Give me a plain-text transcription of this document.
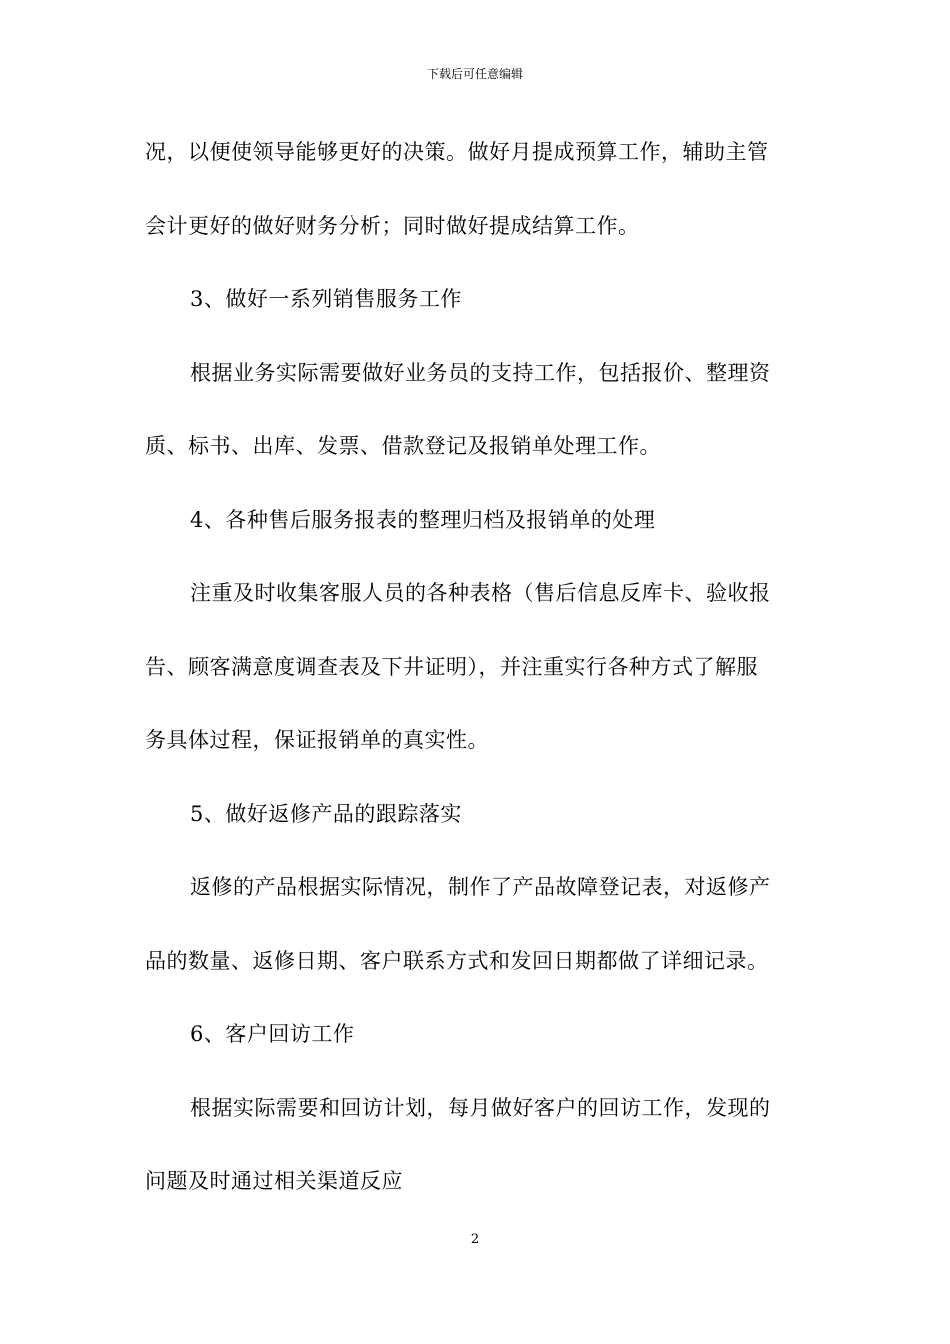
下载后可任意编辑
况，以便使领导能够更好的决策。做好月提成预算工作，辅助主管
会计更好的做好财务分析；同时做好提成结算工作。
3、做好一系列销售服务工作
根据业务实际需要做好业务员的支持工作，包括报价、整理资
质、标书、出库、发票、借款登记及报销单处理工作。
4、各种售后服务报表的整理归档及报销单的处理
注重及时收集客服人员的各种表格（售后信息反库卡、验收报
告、顾客满意度调查表及下井证明），并注重实行各种方式了解服
务具体过程，保证报销单的真实性。
5、做好返修产品的跟踪落实
返修的产品根据实际情况，制作了产品故障登记表，对返修产
品的数量、返修日期、客户联系方式和发回日期都做了详细记录。
6、客户回访工作
根据实际需要和回访计划，每月做好客户的回访工作，发现的
问题及时通过相关渠道反应
2
